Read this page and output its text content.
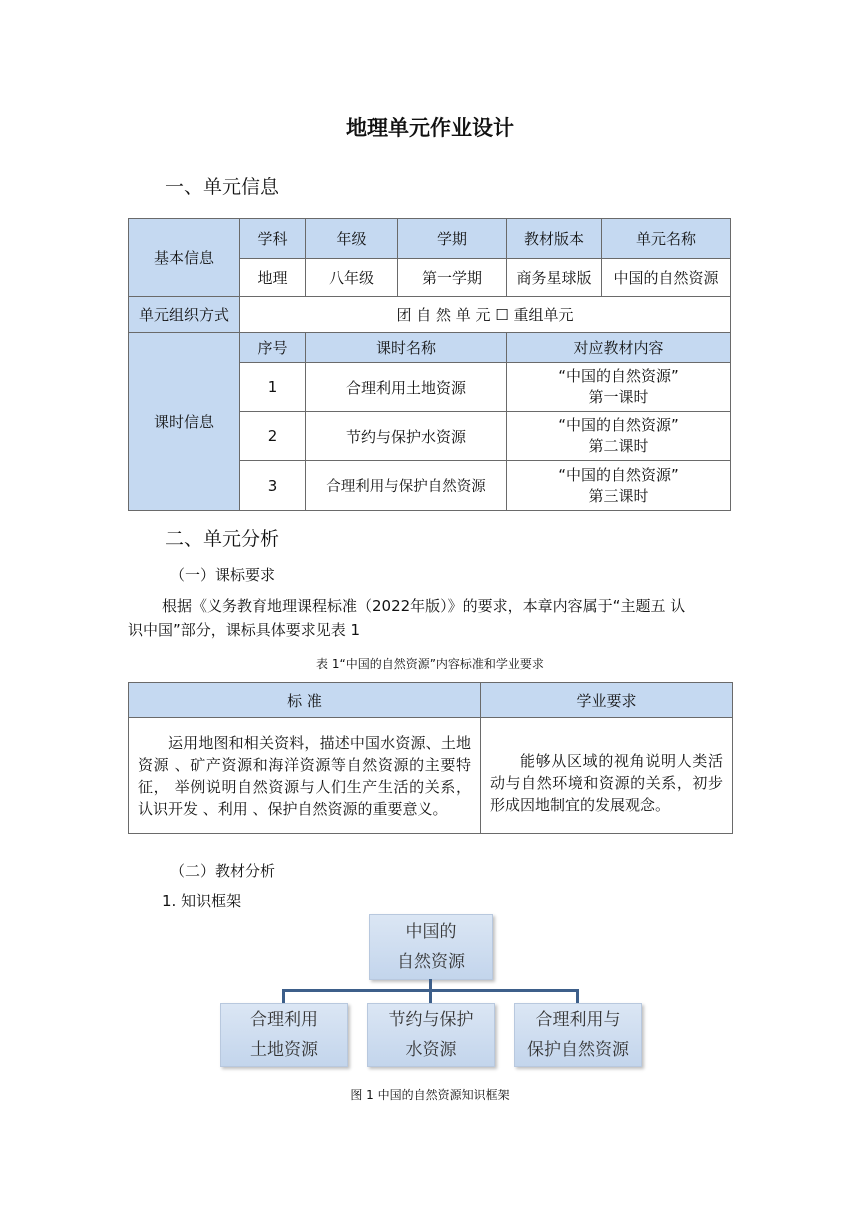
地理单元作业设计
一、单元信息
基本信息	学科	年级	学期	教材版本	单元名称
	地理	八年级	第一学期	商务星球版	中国的自然资源
单元组织方式	团 自 然 单 元 ☐ 重组单元				
课时信息	序号	课时名称		对应教材内容	
	1	合理利用土地资源		“中国的自然资源”
第一课时	

	2	节约与保护水资源		“中国的自然资源”
第二课时	

	3	合理利用与保护自然资源		“中国的自然资源”
第三课时	
二、单元分析
（一）课标要求
根据《义务教育地理课程标准（2022年版）》的要求，本章内容属于“主题五 认
识中国”部分，课标具体要求见表 1
表 1“中国的自然资源”内容标准和学业要求
标 准	学业要求

运用地图和相关资料，描述中国水资源、土地资源 、矿产资源和海洋资源等自然资源的主要特征， 举例说明自然资源与人们生产生活的关系， 认识开发 、利用 、保护自然资源的重要意义。	能够从区域的视角说明人类活动与自然环境和资源的关系，初步形成因地制宜的发展观念。
（二）教材分析
1. 知识框架
中国的
自然资源
合理利用
土地资源
节约与保护
水资源
合理利用与
保护自然资源
图 1 中国的自然资源知识框架
